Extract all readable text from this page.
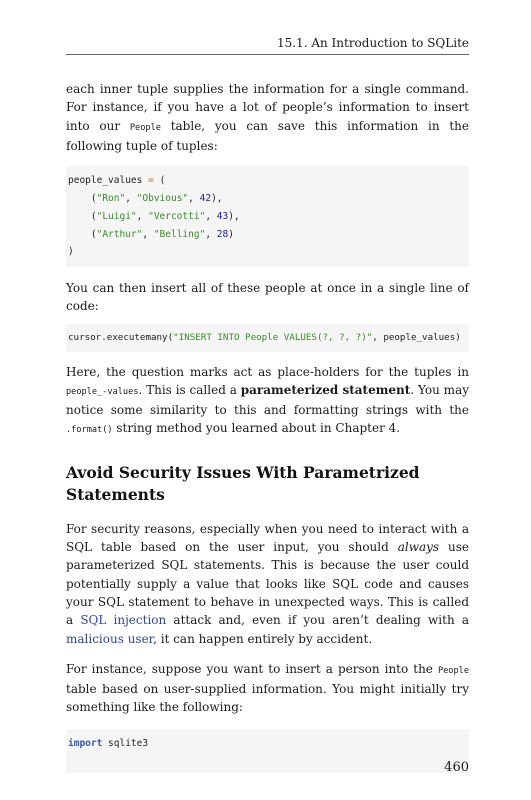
15.1. An Introduction to SQLite

each inner tuple supplies the information for a single command. For instance, if you have a lot of people’s information to insert into our People table, you can save this information in the following tuple of tuples:

people_values = (
("Ron", "Obvious", 42),
("Luigi", "Vercotti", 43),
("Arthur", "Belling", 28)
)

You can then insert all of these people at once in a single line of code:

cursor.executemany("INSERT INTO People VALUES(?, ?, ?)", people_values)

Here, the question marks act as place-holders for the tuples in people_-values. This is called a parameterized statement. You may notice some similarity to this and formatting strings with the .format() string method you learned about in Chapter 4.

Avoid Security Issues With Parametrized Statements

For security reasons, especially when you need to interact with a SQL table based on the user input, you should always use parameterized SQL statements. This is because the user could potentially supply a value that looks like SQL code and causes your SQL statement to behave in unexpected ways. This is called a SQL injection attack and, even if you aren’t dealing with a malicious user, it can happen entirely by accident.

For instance, suppose you want to insert a person into the People table based on user-supplied information. You might initially try something like the following:

import sqlite3
460
